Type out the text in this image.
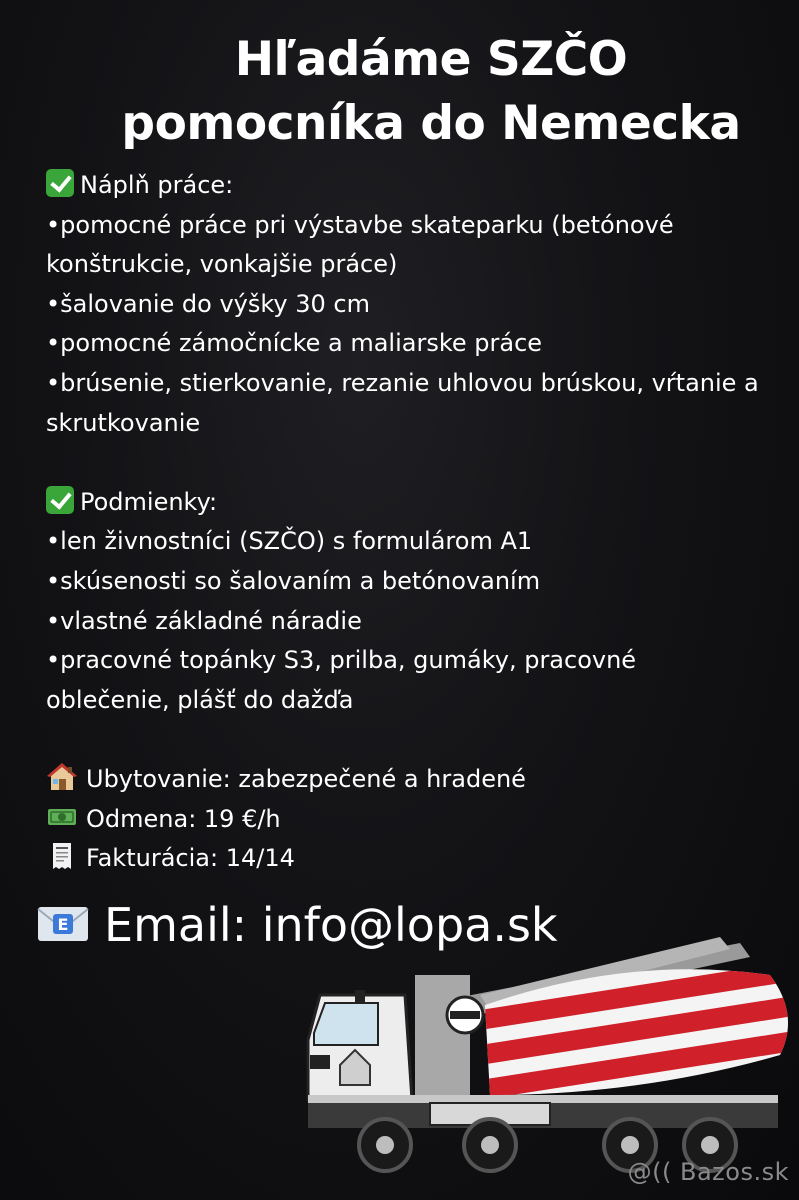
Hľadáme SZČO
pomocníka do Nemecka
Náplň práce:
•pomocné práce pri výstavbe skateparku (betónové
konštrukcie, vonkajšie práce)
•šalovanie do výšky 30 cm
•pomocné zámočnícke a maliarske práce
•brúsenie, stierkovanie, rezanie uhlovou brúskou, vŕtanie a
skrutkovanie
Podmienky:
•len živnostníci (SZČO) s formulárom A1
•skúsenosti so šalovaním a betónovaním
•vlastné základné náradie
•pracovné topánky S3, prilba, gumáky, pracovné
oblečenie, plášť do dažďa
Ubytovanie: zabezpečené a hradené
Odmena: 19 €/h
Fakturácia: 14/14
E Email: info@lopa.sk
@(( Bazos.sk
